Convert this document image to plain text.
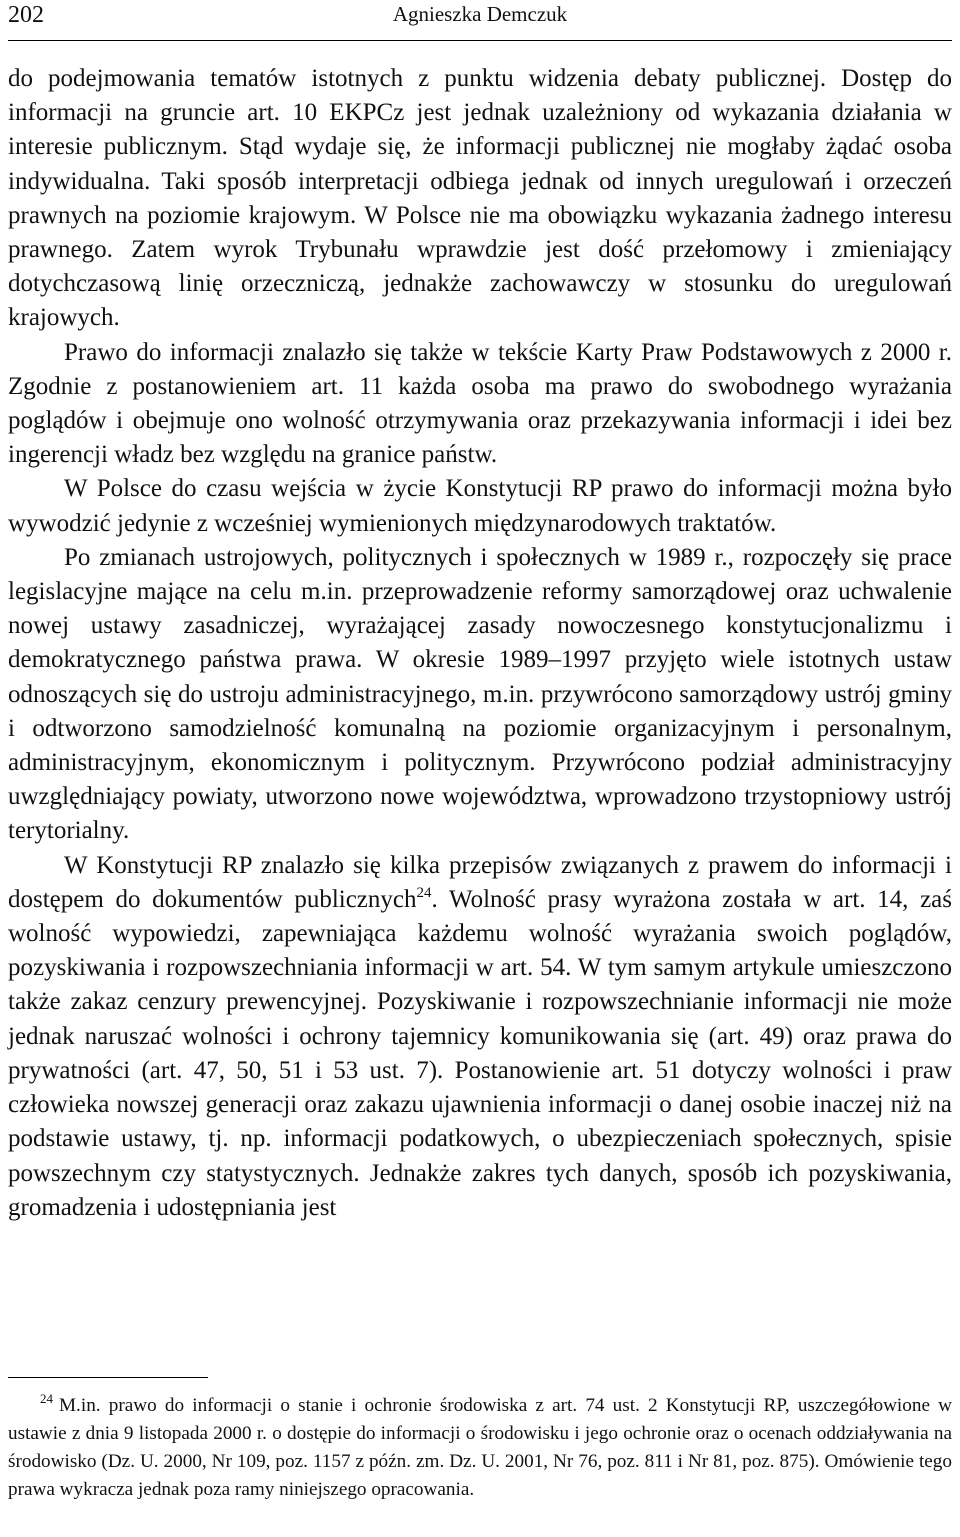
202	Agnieszka Demczuk

do podejmowania tematów istotnych z punktu widzenia debaty publicznej. Dostęp do informacji na gruncie art. 10 EKPCz jest jednak uzależniony od wykazania działania w interesie publicznym. Stąd wydaje się, że informacji publicznej nie mogłaby żądać osoba indywidualna. Taki sposób interpretacji odbiega jednak od innych uregulowań i orzeczeń prawnych na poziomie krajowym. W Polsce nie ma obowiązku wykazania żadnego interesu prawnego. Zatem wyrok Trybunału wprawdzie jest dość przełomowy i zmieniający dotychczasową linię orzeczniczą, jednakże zachowawczy w stosunku do uregulowań krajowych.

Prawo do informacji znalazło się także w tekście Karty Praw Podstawowych z 2000 r. Zgodnie z postanowieniem art. 11 każda osoba ma prawo do swobodnego wyrażania poglądów i obejmuje ono wolność otrzymywania oraz przekazywania informacji i idei bez ingerencji władz bez względu na granice państw.

W Polsce do czasu wejścia w życie Konstytucji RP prawo do informacji można było wywodzić jedynie z wcześniej wymienionych międzynarodowych traktatów.

Po zmianach ustrojowych, politycznych i społecznych w 1989 r., rozpoczęły się prace legislacyjne mające na celu m.in. przeprowadzenie reformy samorządowej oraz uchwalenie nowej ustawy zasadniczej, wyrażającej zasady nowoczesnego konstytucjonalizmu i demokratycznego państwa prawa. W okresie 1989–1997 przyjęto wiele istotnych ustaw odnoszących się do ustroju administracyjnego, m.in. przywrócono samorządowy ustrój gminy i odtworzono samodzielność komunalną na poziomie organizacyjnym i personalnym, administracyjnym, ekonomicznym i politycznym. Przywrócono podział administracyjny uwzględniający powiaty, utworzono nowe województwa, wprowadzono trzystopniowy ustrój terytorialny.

W Konstytucji RP znalazło się kilka przepisów związanych z prawem do informacji i dostępem do dokumentów publicznych$^{24}$. Wolność prasy wyrażona została w art. 14, zaś wolność wypowiedzi, zapewniająca każdemu wolność wyrażania swoich poglądów, pozyskiwania i rozpowszechniania informacji w art. 54. W tym samym artykule umieszczono także zakaz cenzury prewencyjnej. Pozyskiwanie i rozpowszechnianie informacji nie może jednak naruszać wolności i ochrony tajemnicy komunikowania się (art. 49) oraz prawa do prywatności (art. 47, 50, 51 i 53 ust. 7). Postanowienie art. 51 dotyczy wolności i praw człowieka nowszej generacji oraz zakazu ujawnienia informacji o danej osobie inaczej niż na podstawie ustawy, tj. np. informacji podatkowych, o ubezpieczeniach społecznych, spisie powszechnym czy statystycznych. Jednakże zakres tych danych, sposób ich pozyskiwania, gromadzenia i udostępniania jest

$^{24}$ M.in. prawo do informacji o stanie i ochronie środowiska z art. 74 ust. 2 Konstytucji RP, uszczegółowione w ustawie z dnia 9 listopada 2000 r. o dostępie do informacji o środowisku i jego ochronie oraz o ocenach oddziaływania na środowisko (Dz. U. 2000, Nr 109, poz. 1157 z późn. zm. Dz. U. 2001, Nr 76, poz. 811 i Nr 81, poz. 875). Omówienie tego prawa wykracza jednak poza ramy niniejszego opracowania.
